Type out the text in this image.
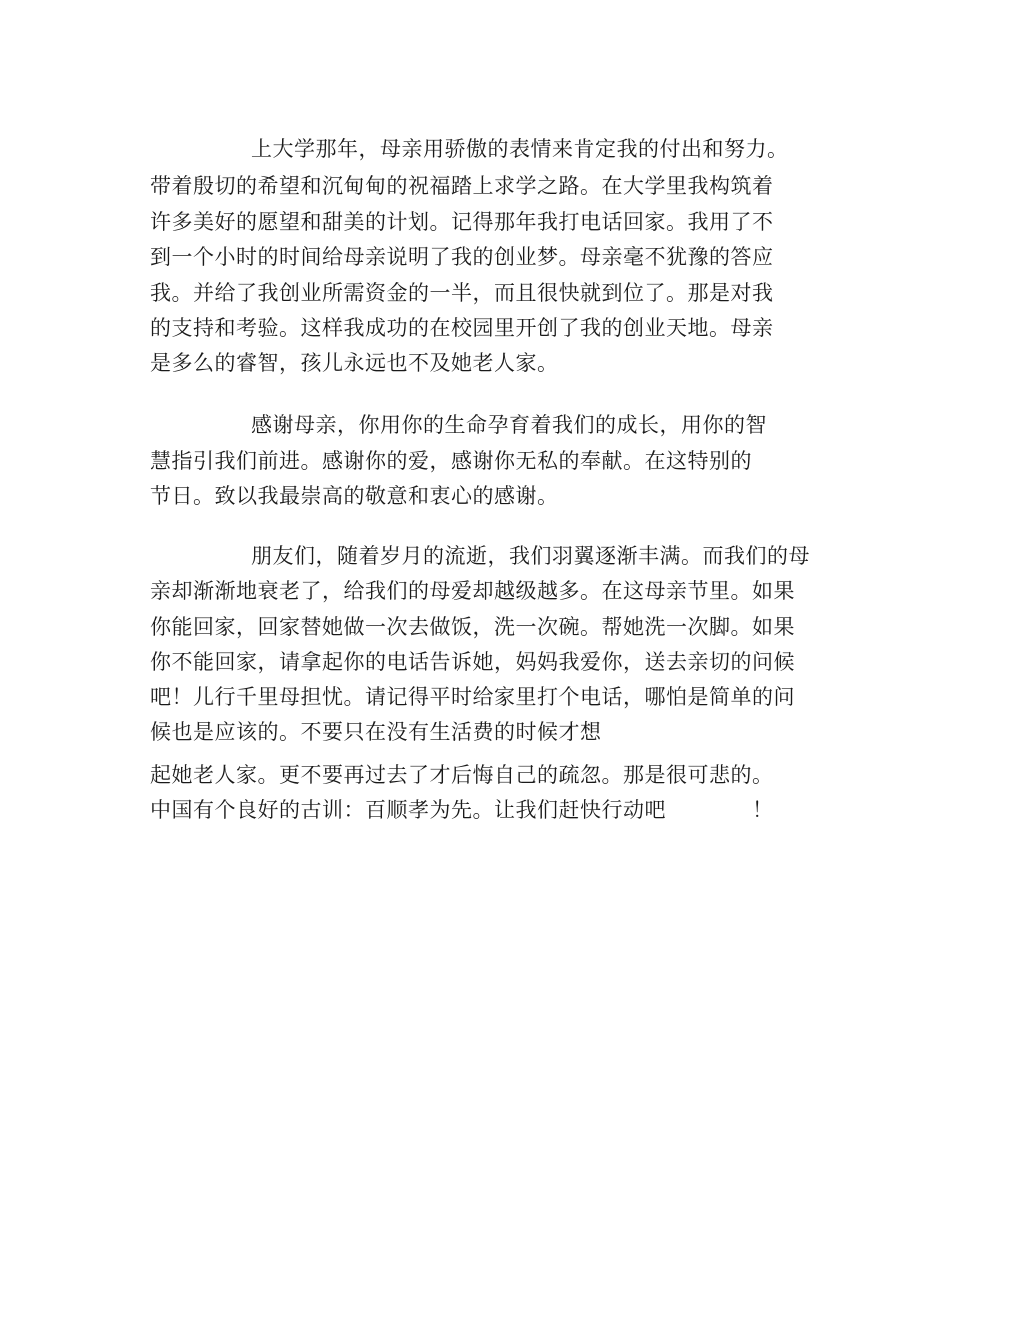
上大学那年，母亲用骄傲的表情来肯定我的付出和努力。
带着殷切的希望和沉甸甸的祝福踏上求学之路。在大学里我构筑着
许多美好的愿望和甜美的计划。记得那年我打电话回家。我用了不
到一个小时的时间给母亲说明了我的创业梦。母亲毫不犹豫的答应
我。并给了我创业所需资金的一半，而且很快就到位了。那是对我
的支持和考验。这样我成功的在校园里开创了我的创业天地。母亲
是多么的睿智，孩儿永远也不及她老人家。
感谢母亲，你用你的生命孕育着我们的成长，用你的智
慧指引我们前进。感谢你的爱，感谢你无私的奉献。在这特别的
节日。致以我最崇高的敬意和衷心的感谢。
朋友们，随着岁月的流逝，我们羽翼逐渐丰满。而我们的母
亲却渐渐地衰老了，给我们的母爱却越级越多。在这母亲节里。如果
你能回家，回家替她做一次去做饭，洗一次碗。帮她洗一次脚。如果
你不能回家，请拿起你的电话告诉她，妈妈我爱你，送去亲切的问候
吧！儿行千里母担忧。请记得平时给家里打个电话，哪怕是简单的问
候也是应该的。不要只在没有生活费的时候才想
起她老人家。更不要再过去了才后悔自己的疏忽。那是很可悲的。
中国有个良好的古训：百顺孝为先。让我们赶快行动吧	！
